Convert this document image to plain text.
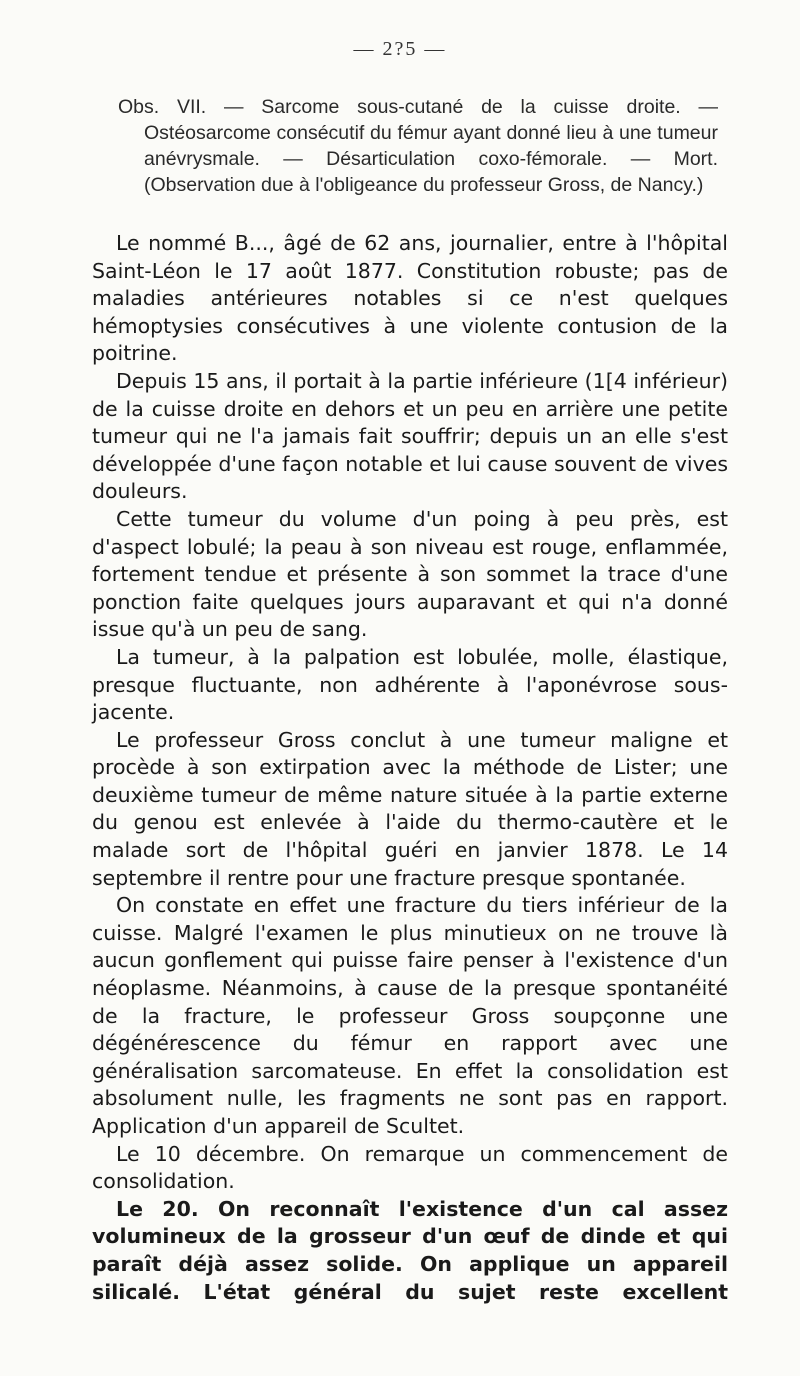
— 2?5 —
Obs. VII. — Sarcome sous-cutané de la cuisse droite. — Ostéosarcome consécutif du fémur ayant donné lieu à une tumeur anévrysmale. — Désarticulation coxo-fémorale. — Mort. (Observation due à l'obligeance du professeur Gross, de Nancy.)

Le nommé B..., âgé de 62 ans, journalier, entre à l'hôpital Saint-Léon le 17 août 1877. Constitution robuste; pas de maladies antérieures notables si ce n'est quelques hémoptysies consécutives à une violente contusion de la poitrine.

Depuis 15 ans, il portait à la partie inférieure (1[4 inférieur) de la cuisse droite en dehors et un peu en arrière une petite tumeur qui ne l'a jamais fait souffrir; depuis un an elle s'est développée d'une façon notable et lui cause souvent de vives douleurs.

Cette tumeur du volume d'un poing à peu près, est d'aspect lobulé; la peau à son niveau est rouge, enflammée, fortement tendue et présente à son sommet la trace d'une ponction faite quelques jours auparavant et qui n'a donné issue qu'à un peu de sang.

La tumeur, à la palpation est lobulée, molle, élastique, presque fluctuante, non adhérente à l'aponévrose sous-jacente.

Le professeur Gross conclut à une tumeur maligne et procède à son extirpation avec la méthode de Lister; une deuxième tumeur de même nature située à la partie externe du genou est enlevée à l'aide du thermo-cautère et le malade sort de l'hôpital guéri en janvier 1878. Le 14 septembre il rentre pour une fracture presque spontanée.

On constate en effet une fracture du tiers inférieur de la cuisse. Malgré l'examen le plus minutieux on ne trouve là aucun gonflement qui puisse faire penser à l'existence d'un néoplasme. Néanmoins, à cause de la presque spontanéité de la fracture, le professeur Gross soupçonne une dégénérescence du fémur en rapport avec une généralisation sarcomateuse. En effet la consolidation est absolument nulle, les fragments ne sont pas en rapport. Application d'un appareil de Scultet.

Le 10 décembre. On remarque un commencement de consolidation.

Le 20. On reconnaît l'existence d'un cal assez volumineux de la grosseur d'un œuf de dinde et qui paraît déjà assez solide. On applique un appareil silicalé. L'état général du sujet reste excellent
